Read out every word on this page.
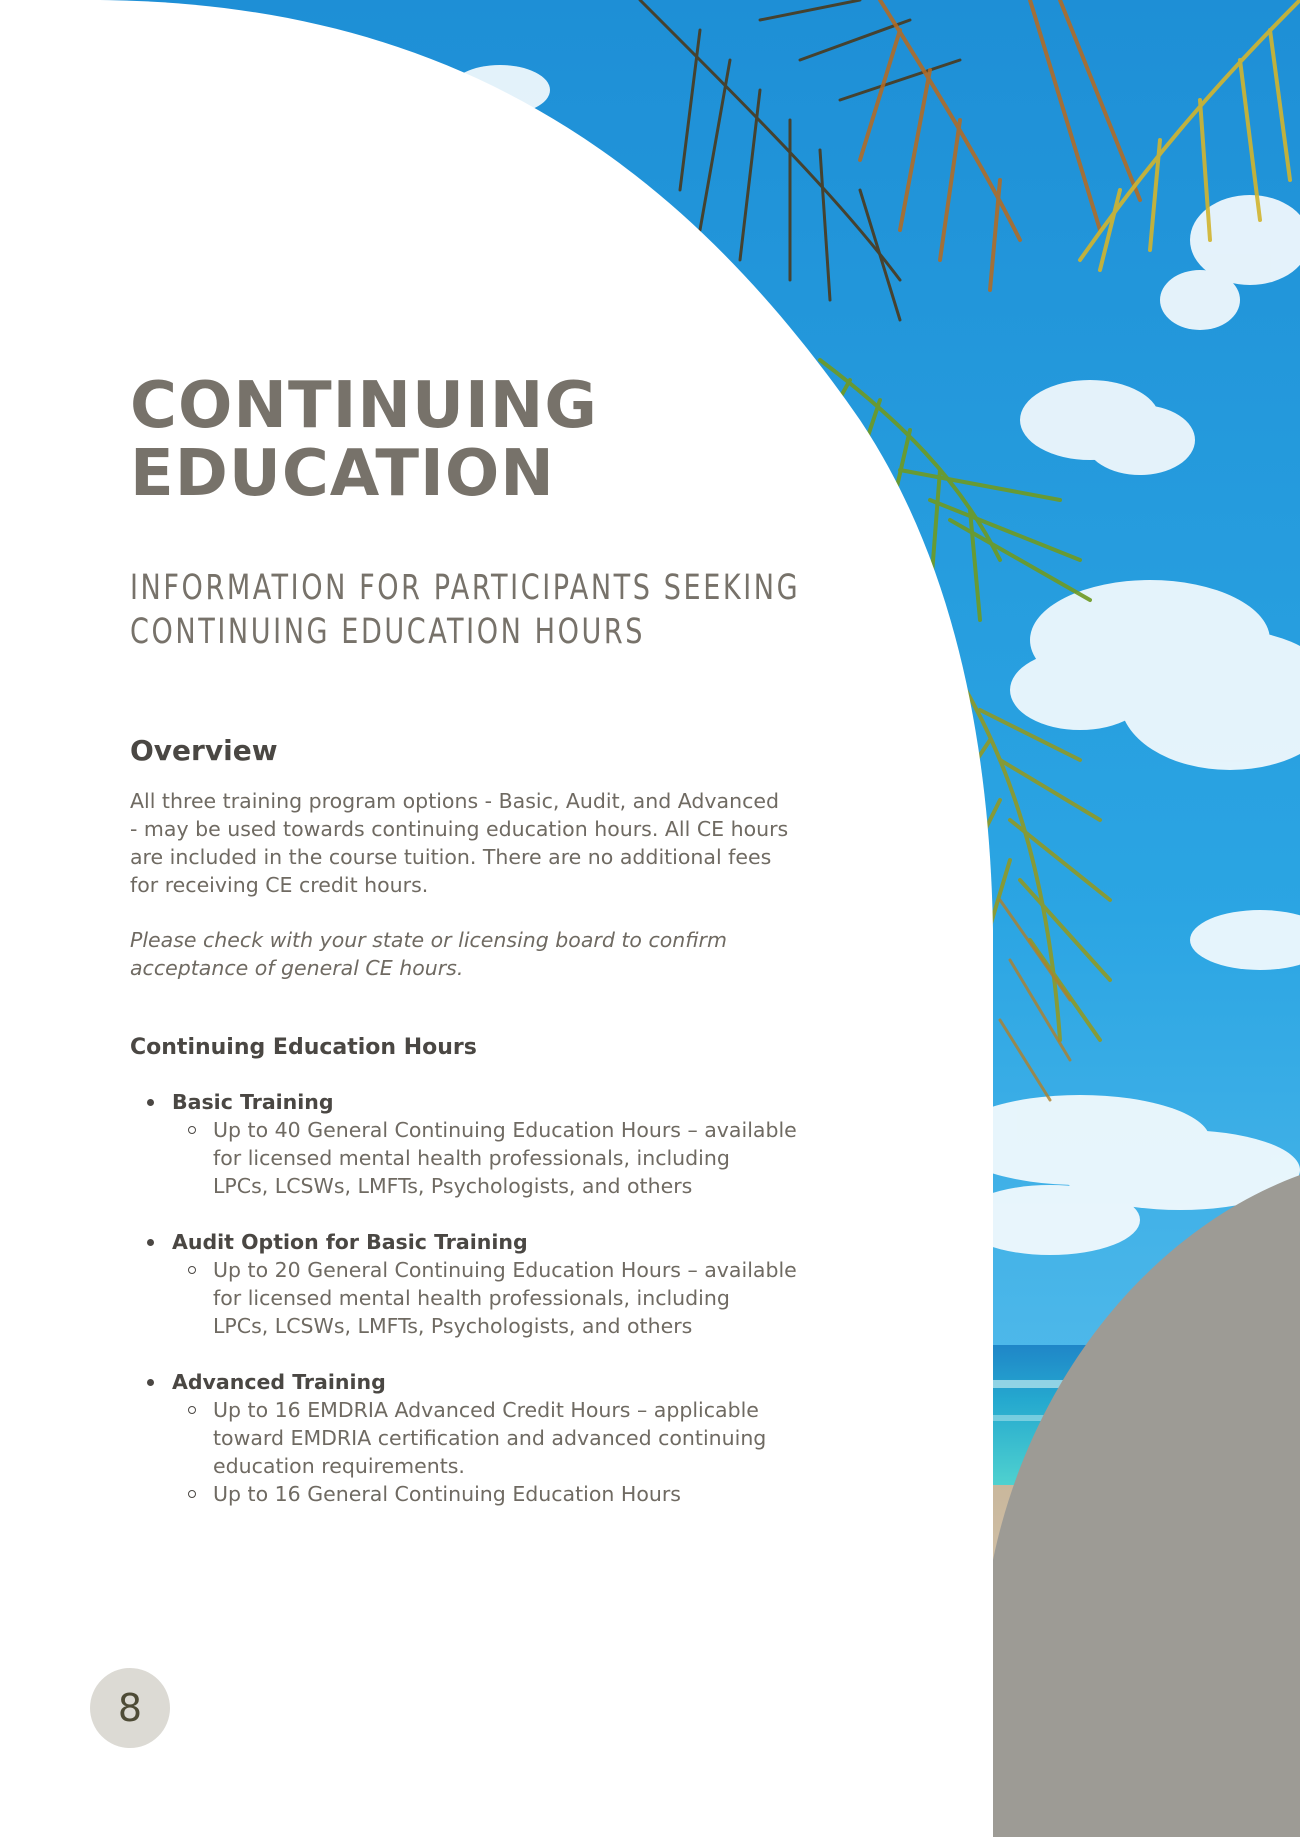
CONTINUING
EDUCATION
INFORMATION FOR PARTICIPANTS SEEKING
CONTINUING EDUCATION HOURS
Overview

All three training program options - Basic, Audit, and Advanced
- may be used towards continuing education hours. All CE hours
are included in the course tuition. There are no additional fees
for receiving CE credit hours.

Please check with your state or licensing board to confirm
acceptance of general CE hours.

Continuing Education Hours
Basic Training
Up to 40 General Continuing Education Hours – available
for licensed mental health professionals, including
LPCs, LCSWs, LMFTs, Psychologists, and others
Audit Option for Basic Training
Up to 20 General Continuing Education Hours – available
for licensed mental health professionals, including
LPCs, LCSWs, LMFTs, Psychologists, and others
Advanced Training
Up to 16 EMDRIA Advanced Credit Hours – applicable
toward EMDRIA certification and advanced continuing
education requirements.
Up to 16 General Continuing Education Hours
8
